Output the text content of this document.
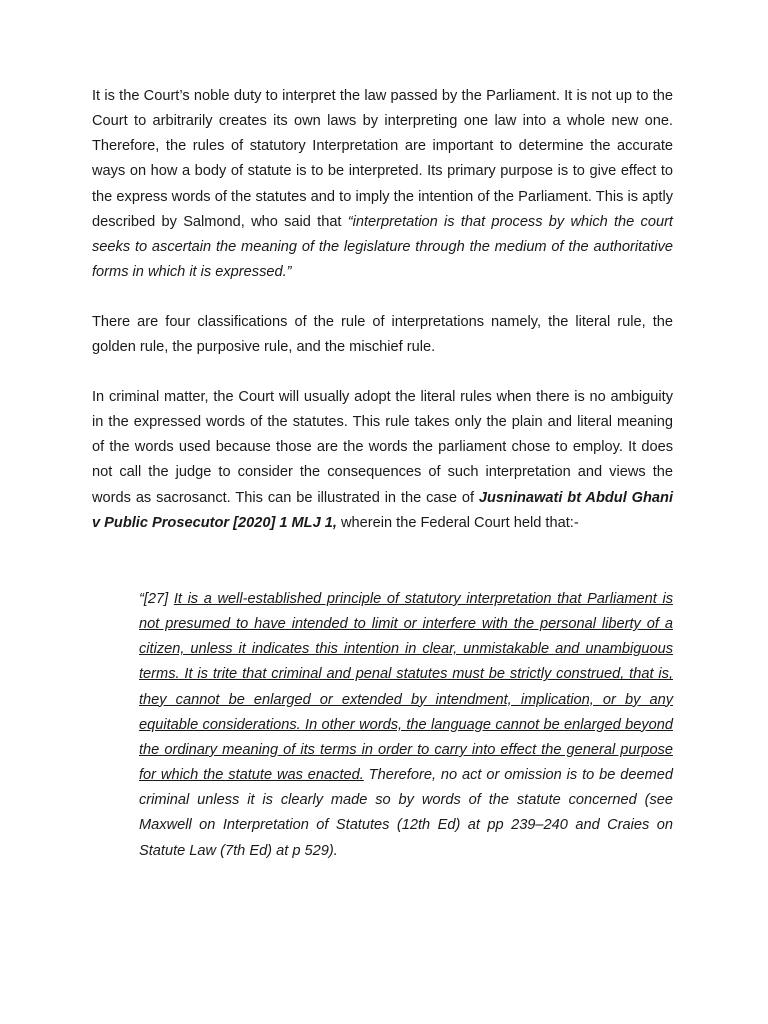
It is the Court’s noble duty to interpret the law passed by the Parliament. It is not up to the Court to arbitrarily creates its own laws by interpreting one law into a whole new one. Therefore, the rules of statutory Interpretation are important to determine the accurate ways on how a body of statute is to be interpreted. Its primary purpose is to give effect to the express words of the statutes and to imply the intention of the Parliament. This is aptly described by Salmond, who said that “interpretation is that process by which the court seeks to ascertain the meaning of the legislature through the medium of the authoritative forms in which it is expressed.”

There are four classifications of the rule of interpretations namely, the literal rule, the golden rule, the purposive rule, and the mischief rule.

In criminal matter, the Court will usually adopt the literal rules when there is no ambiguity in the expressed words of the statutes. This rule takes only the plain and literal meaning of the words used because those are the words the parliament chose to employ. It does not call the judge to consider the consequences of such interpretation and views the words as sacrosanct. This can be illustrated in the case of Jusninawati bt Abdul Ghani v Public Prosecutor [2020] 1 MLJ 1, wherein the Federal Court held that:-

“[27] It is a well-established principle of statutory interpretation that Parliament is not presumed to have intended to limit or interfere with the personal liberty of a citizen, unless it indicates this intention in clear, unmistakable and unambiguous terms. It is trite that criminal and penal statutes must be strictly construed, that is, they cannot be enlarged or extended by intendment, implication, or by any equitable considerations. In other words, the language cannot be enlarged beyond the ordinary meaning of its terms in order to carry into effect the general purpose for which the statute was enacted. Therefore, no act or omission is to be deemed criminal unless it is clearly made so by words of the statute concerned (see Maxwell on Interpretation of Statutes (12th Ed) at pp 239–240 and Craies on Statute Law (7th Ed) at p 529).
